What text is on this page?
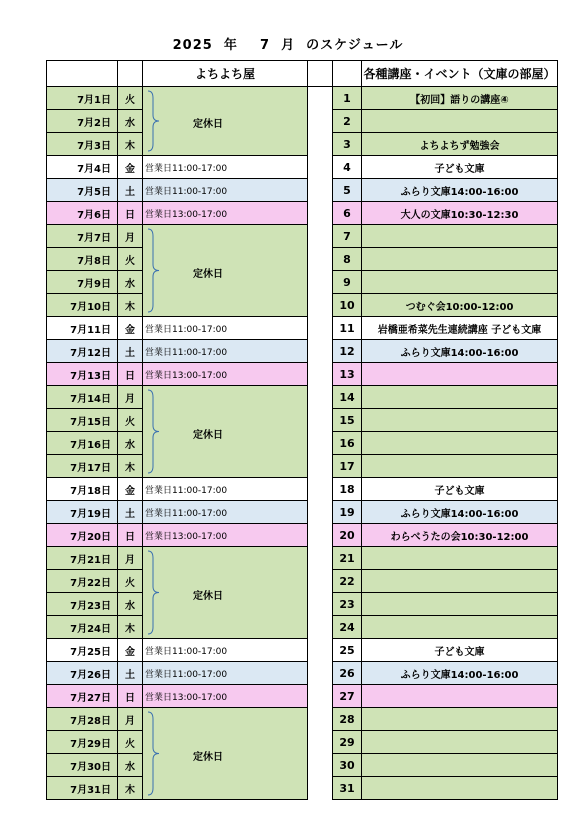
2025  年    7  月  のスケジュール
		よちよち屋			各種講座・イベント（文庫の部屋）
7月1日	火	定休日		1	【初回】語りの講座④
7月2日	水			2	
7月3日	木			3	よちよちず勉強会
7月4日	金	営業日11:00-17:00		4	子ども文庫
7月5日	土	営業日11:00-17:00		5	ふらり文庫14:00-16:00
7月6日	日	営業日13:00-17:00		6	大人の文庫10:30-12:30
7月7日	月	定休日		7	
7月8日	火			8	
7月9日	水			9	
7月10日	木			10	つむぐ会10:00-12:00
7月11日	金	営業日11:00-17:00		11	岩橋亜希菜先生連続講座 子ども文庫
7月12日	土	営業日11:00-17:00		12	ふらり文庫14:00-16:00
7月13日	日	営業日13:00-17:00		13	
7月14日	月	定休日		14	
7月15日	火			15	
7月16日	水			16	
7月17日	木			17	
7月18日	金	営業日11:00-17:00		18	子ども文庫
7月19日	土	営業日11:00-17:00		19	ふらり文庫14:00-16:00
7月20日	日	営業日13:00-17:00		20	わらべうたの会10:30-12:00
7月21日	月	定休日		21	
7月22日	火			22	
7月23日	水			23	
7月24日	木			24	
7月25日	金	営業日11:00-17:00		25	子ども文庫
7月26日	土	営業日11:00-17:00		26	ふらり文庫14:00-16:00
7月27日	日	営業日13:00-17:00		27	
7月28日	月	定休日		28	
7月29日	火			29	
7月30日	水			30	
7月31日	木			31	
